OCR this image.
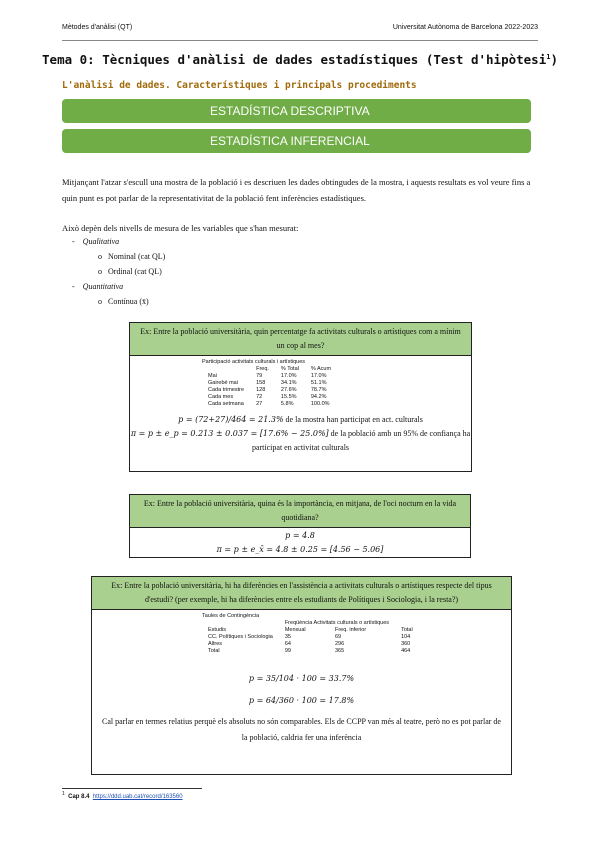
Mètodes d'anàlisi (QT)	Universitat Autònoma de Barcelona 2022-2023
Tema 0: Tècniques d'anàlisi de dades estadístiques (Test d'hipòtesi$^1$)
L'anàlisi de dades. Característiques i principals procediments
ESTADÍSTICA DESCRIPTIVA
ESTADÍSTICA INFERENCIAL
Mitjançant l'atzar s'escull una mostra de la població i es descriuen les dades obtingudes de la mostra, i aquests resultats es vol veure fins a quin punt es pot parlar de la representativitat de la població fent inferències estadístiques.
Això depèn dels nivells de mesura de les variables que s'han mesurat:
-    Qualitativa
o   Nominal (cat QL)
o   Ordinal (cat QL)
-    Quantitativa
o   Contínua (x̄)
Ex: Entre la població universitària, quin percentatge fa activitats culturals o artístiques com a mínim un cop al mes?
Participació activitats culturals i artístiques
	Freq.	% Total	% Acum
Mai	79	17.0%	17.0%
Gairebé mai	158	34.1%	51.1%
Cada trimestre	128	27.6%	78.7%
Cada mes	72	15.5%	94.2%
Cada setmana	27	5.8%	100.0%
p = (72+27)/464 = 21.3% de la mostra han participat en act. culturals
π = p ± e_p = 0.213 ± 0.037 = [17.6% − 25.0%] de la població amb un 95% de confiança ha participat en activitat culturals
Ex: Entre la població universitària, quina és la importància, en mitjana, de l'oci nocturn en la vida quotidiana?
p = 4.8
π = p ± e_x̄ = 4.8 ± 0.25 = [4.56 − 5.06]
Ex: Entre la població universitària, hi ha diferències en l'assistència a activitats culturals o artístiques respecte del tipus d'estudi? (per exemple, hi ha diferències entre els estudiants de Polítiques i Sociologia, i la resta?)
Taules de Contingència
	Freqüència Activitats culturals o artístiques		
Estudis	Mensual	Freq. inferior	Total
CC. Polítiques i Sociologia	35	69	104
Altres	64	296	360
Total	99	365	464
p = 35/104 · 100 = 33.7%
p = 64/360 · 100 = 17.8%
Cal parlar en termes relatius perquè els absoluts no són comparables. Els de CCPP van més al teatre, però no es pot parlar de la població, caldria fer una inferència
$^1$ Cap 8.4 https://ddd.uab.cat/record/163560
